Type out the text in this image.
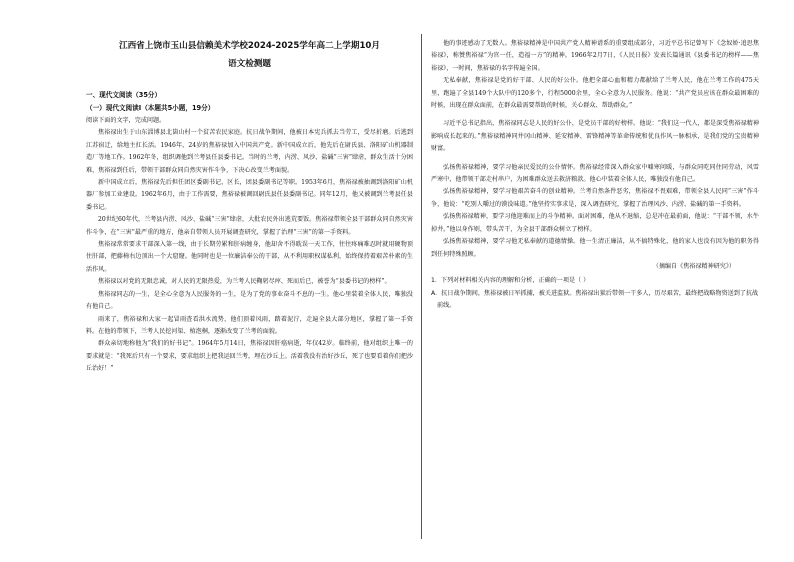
江西省上饶市玉山县信赖美术学校2024-2025学年高二上学期10月

语文检测题

一、现代文阅读（35分）

（一）现代文阅读Ⅰ（本题共5小题，19分）

阅读下面的文字，完成问题。

焦裕禄出生于山东淄博县北崮山村一个贫苦农民家庭。抗日战争期间，他被日本宪兵抓去当劳工，受尽折磨。后逃到江苏宿迁，给地主扛长活。1946年，24岁的焦裕禄加入中国共产党。新中国成立后，他先后在尉氏县、洛阳矿山机器制造厂等地工作。1962年冬，组织调他到兰考县任县委书记。当时的兰考，内涝、风沙、盐碱“三害”肆虐，群众生活十分困难，焦裕禄到任后，带领干部群众同自然灾害作斗争，下决心改变兰考面貌。

新中国成立后，焦裕禄先后担任团区委副书记、区长，团县委副书记等职。1953年6月，焦裕禄被抽调到洛阳矿山机器厂参加工业建设。1962年6月，由于工作需要，焦裕禄被调回尉氏县任县委副书记。同年12月，他又被调到兰考县任县委书记。

20世纪60年代，兰考县内涝、风沙、盐碱“三害”肆虐，大批农民外出逃荒要饭。焦裕禄带领全县干部群众同自然灾害作斗争，在“三害”最严重的地方，他亲自带领人员开展调查研究，掌握了治理“三害”的第一手资料。

焦裕禄常常要求干部深入第一线，由于长期劳累和肝病缠身，他却舍不得耽误一天工作，往往疼痛难忍时就用硬物顶住肝部，把藤椅右边顶出一个大窟窿。他同时也是一位廉洁奉公的干部，从不利用职权谋私利，始终保持着艰苦朴素的生活作风。

焦裕禄以对党的无限忠诚，对人民的无限热爱，为兰考人民鞠躬尽瘁、死而后已，被誉为“县委书记的榜样”。

焦裕禄同志的一生，是全心全意为人民服务的一生，是为了党的事业奋斗不息的一生。他心里装着全体人民，唯独没有他自己。

雨来了，焦裕禄和大家一起冒雨查看洪水流势，他们顶着风雨，踏着泥泞，走遍全县大部分地区，掌握了第一手资料。在他的带领下，兰考人民挖河渠、植泡桐，逐渐改变了兰考的面貌。

群众亲切地称他为“我们的好书记”。1964年5月14日，焦裕禄因肝癌病逝，年仅42岁。临终前，他对组织上唯一的要求就是：“我死后只有一个要求，要求组织上把我运回兰考，埋在沙丘上。活着我没有治好沙丘，死了也要看着你们把沙丘治好！”

他的事迹感动了无数人。焦裕禄精神是中国共产党人精神谱系的重要组成部分，习近平总书记曾写下《念奴娇·追思焦裕禄》，称赞焦裕禄“为官一任，造福一方”的精神。1966年2月7日，《人民日报》发表长篇通讯《县委书记的榜样——焦裕禄》，一时间，焦裕禄的名字传遍全国。

无私奉献，焦裕禄是党的好干部、人民的好公仆。他把全部心血和精力都献给了兰考人民，他在兰考工作的475天里，跑遍了全县149个大队中的120多个，行程5000余里，全心全意为人民服务。他说：“共产党员应该在群众最困难的时候，出现在群众面前，在群众最需要帮助的时候，关心群众、帮助群众。”

习近平总书记指出，焦裕禄同志是人民的好公仆，是党员干部的好榜样。他说：“我们这一代人，都是深受焦裕禄精神影响成长起来的。”焦裕禄精神同井冈山精神、延安精神、雷锋精神等革命传统和优良作风一脉相承，是我们党的宝贵精神财富。

弘扬焦裕禄精神，要学习他亲民爱民的公仆情怀。焦裕禄经常深入群众家中嘘寒问暖，与群众同吃同住同劳动，风雪严寒中，他带领干部走村串户，为困难群众送去救济粮款。他心中装着全体人民，唯独没有他自己。

弘扬焦裕禄精神，要学习他艰苦奋斗的创业精神。兰考自然条件恶劣，焦裕禄不畏艰难，带领全县人民同“三害”作斗争，他说：“吃别人嚼过的馍没味道。”他坚持实事求是，深入调查研究，掌握了治理风沙、内涝、盐碱的第一手资料。

弘扬焦裕禄精神，要学习他迎难而上的斗争精神。面对困难，他从不退缩，总是冲在最前面，他说：“干部不领，水牛掉井。”他以身作则，带头苦干，为全县干部群众树立了榜样。

弘扬焦裕禄精神，要学习他无私奉献的道德情操。他一生清正廉洁，从不搞特殊化，他的家人也没有因为他的职务得到任何特殊照顾。

（摘编自《焦裕禄精神研究》）

1．下列对材料相关内容的理解和分析，正确的一项是（ ）

A．抗日战争期间，焦裕禄被日军抓捕，被关进监狱。焦裕禄出狱后带领一干多人，历尽艰苦，最终把战略物资送到了抗战前线。
